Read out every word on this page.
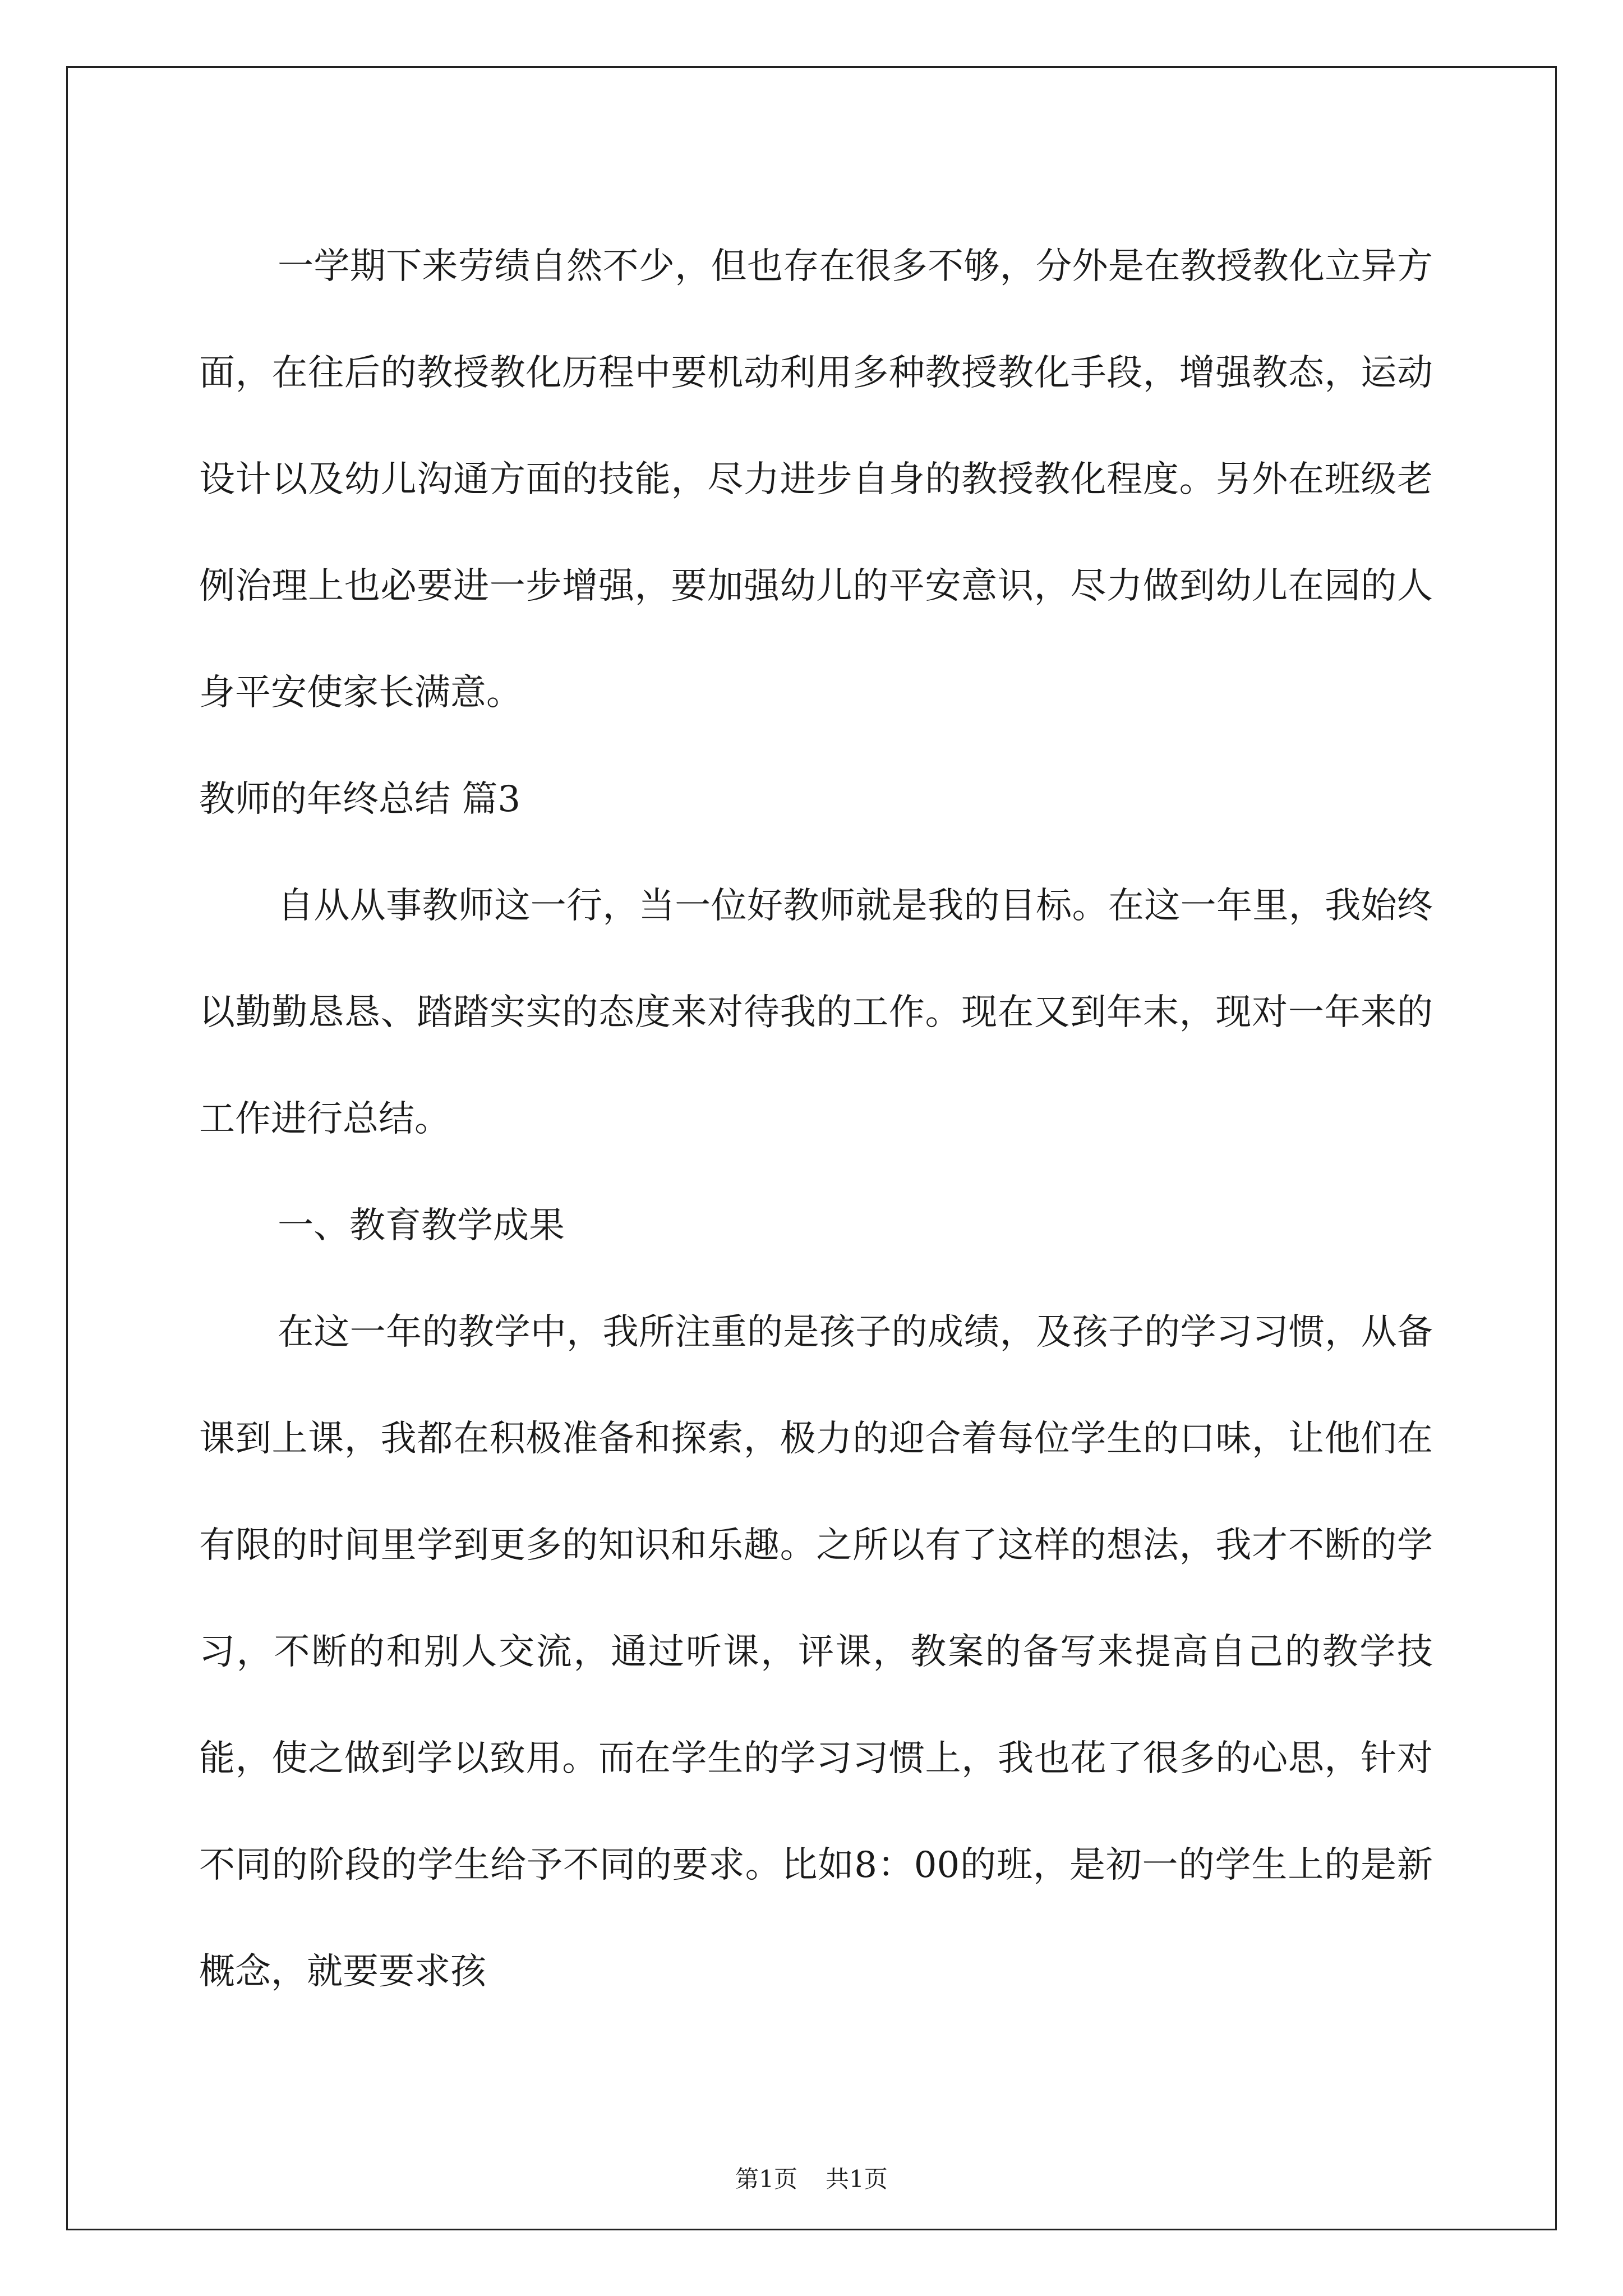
一学期下来劳绩自然不少，但也存在很多不够，分外是在教授教化立异方面，在往后的教授教化历程中要机动利用多种教授教化手段，增强教态，运动设计以及幼儿沟通方面的技能，尽力进步自身的教授教化程度。另外在班级老例治理上也必要进一步增强，要加强幼儿的平安意识，尽力做到幼儿在园的人身平安使家长满意。

教师的年终总结 篇3

自从从事教师这一行，当一位好教师就是我的目标。在这一年里，我始终以勤勤恳恳、踏踏实实的态度来对待我的工作。现在又到年末，现对一年来的工作进行总结。

一、教育教学成果

在这一年的教学中，我所注重的是孩子的成绩，及孩子的学习习惯，从备课到上课，我都在积极准备和探索，极力的迎合着每位学生的口味，让他们在有限的时间里学到更多的知识和乐趣。之所以有了这样的想法，我才不断的学习，不断的和别人交流，通过听课，评课，教案的备写来提高自己的教学技能，使之做到学以致用。而在学生的学习习惯上，我也花了很多的心思，针对不同的阶段的学生给予不同的要求。比如8：00的班，是初一的学生上的是新概念，就要要求孩

第1页 共1页
